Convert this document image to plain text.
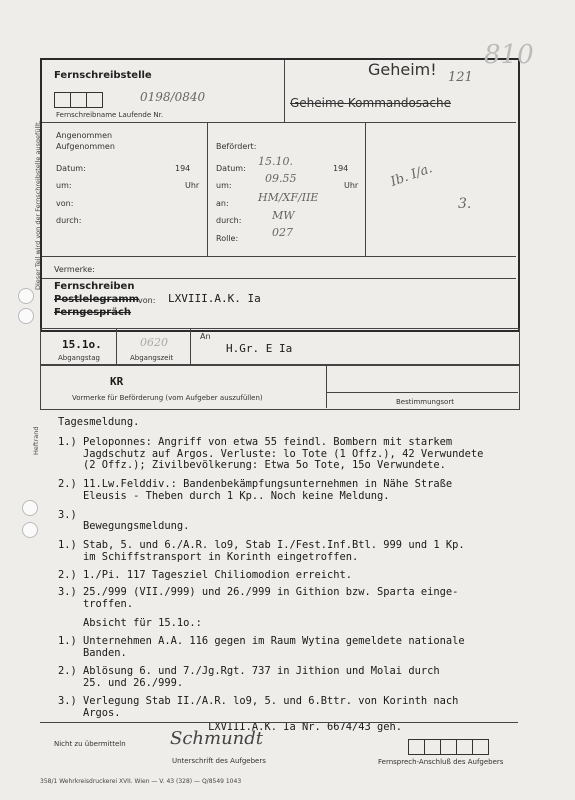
Dieser Teil wird von der Fernschreibstelle ausgefüllt.
Heftrand
Fernschreibstelle
Fernschreibname Laufende Nr.
0198/0840
Geheim! 121
810
Geheime Kommandosache
Angenommen
Aufgenommen
Datum:	194
um:	Uhr
von:
durch:
Befördert:
Datum:
15.10.
194
um:
09.55
Uhr
an:	HM/XF/IIE
durch:	MW
Rolle:	027
Ib. I/a.
3.
Vermerke:
Fernschreiben
Postlelegramm
Ferngespräch
von: LXVIII.A.K. Ia
15.1o.
Abgangstag
0620
Abgangszeit
An
H.Gr. E Ia
KR
Vormerke für Beförderung (vom Aufgeber auszufüllen)	Bestimmungsort
Tagesmeldung.
1.) Peloponnes: Angriff von etwa 55 feindl. Bombern mit starkem
Jagdschutz auf Argos. Verluste: lo Tote (1 Offz.), 42 Verwundete
(2 Offz.); Zivilbevölkerung: Etwa 5o Tote, 15o Verwundete.
2.) 11.Lw.Felddiv.: Bandenbekämpfungsunternehmen in Nähe Straße
Eleusis - Theben durch 1 Kp.. Noch keine Meldung.
3.)
Bewegungsmeldung.
1.) Stab, 5. und 6./A.R. lo9, Stab I./Fest.Inf.Btl. 999 und 1 Kp.
im Schiffstransport in Korinth eingetroffen.
2.) 1./Pi. 117 Tagesziel Chiliomodion erreicht.
3.) 25./999 (VII./999) und 26./999 in Githion bzw. Sparta einge-
troffen.
Absicht für 15.1o.:
1.) Unternehmen A.A. 116 gegen im Raum Wytina gemeldete nationale
Banden.
2.) Ablösung 6. und 7./Jg.Rgt. 737 in Jithion und Molai durch
25. und 26./999.
3.) Verlegung Stab II./A.R. lo9, 5. und 6.Bttr. von Korinth nach
Argos.
LXVIII.A.K. Ia Nr. 6674/43 geh.
Nicht zu übermitteln Schmundt
Unterschrift des Aufgebers	Fernsprech-Anschluß des Aufgebers
358/1 Wehrkreisdruckerei XVII. Wien — V. 43 (328) — Q/8549 1043
